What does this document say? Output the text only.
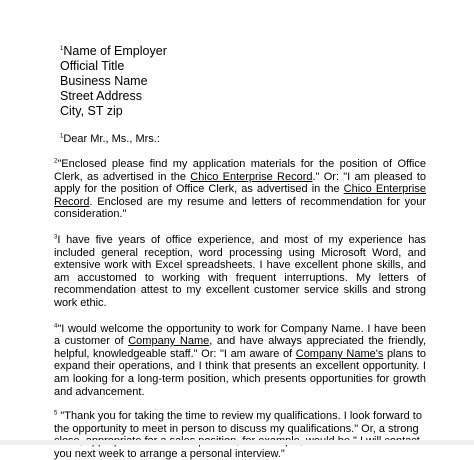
$^1$Name of Employer
Official Title
Business Name
Street Address
City, ST zip
$^1$Dear Mr., Ms., Mrs.:

$^2$"Enclosed please find my application materials for the position of Office Clerk, as advertised in the Chico Enterprise Record." Or: "I am pleased to apply for the position of Office Clerk, as advertised in the Chico Enterprise Record. Enclosed are my resume and letters of recommendation for your consideration."

$^3$I have five years of office experience, and most of my experience has included general reception, word processing using Microsoft Word, and extensive work with Excel spreadsheets. I have excellent phone skills, and am accustomed to working with frequent interruptions. My letters of recommendation attest to my excellent customer service skills and strong work ethic.

$^4$"I would welcome the opportunity to work for Company Name. I have been a customer of Company Name, and have always appreciated the friendly, helpful, knowledgeable staff." Or: "I am aware of Company Name's plans to expand their operations, and I think that presents an excellent opportunity. I am looking for a long-term position, which presents opportunities for growth and advancement.

$^5$ "Thank you for taking the time to review my qualifications. I look forward to the opportunity to meet in person to discuss my qualifications." Or, a strong you next week to arrange a personal interview."
